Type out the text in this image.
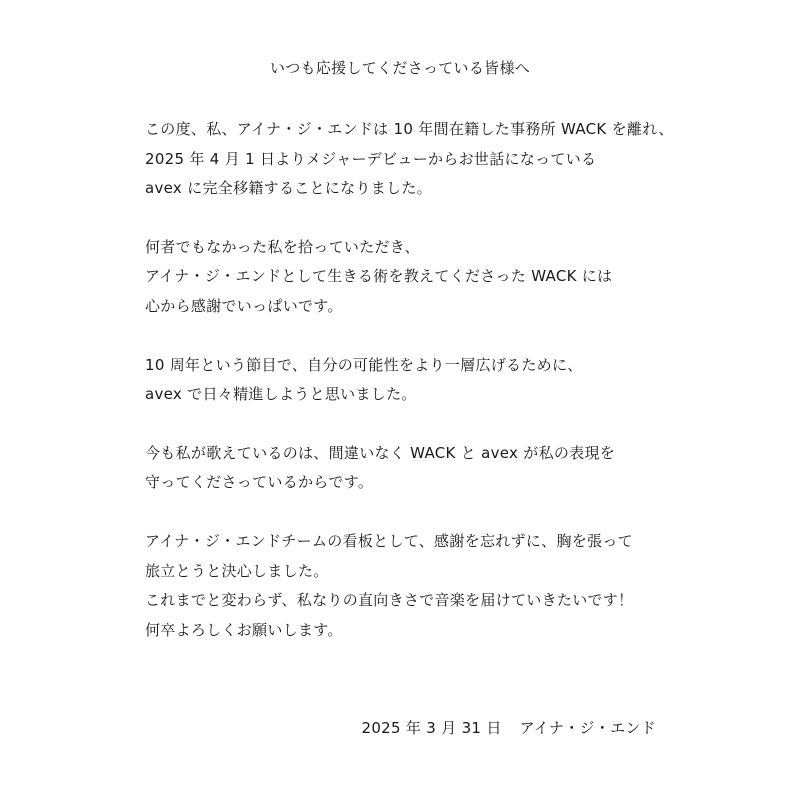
いつも応援してくださっている皆様へ
この度、私、アイナ・ジ・エンドは 10 年間在籍した事務所 WACK を離れ、
2025 年 4 月 1 日よりメジャーデビューからお世話になっている
avex に完全移籍することになりました。
何者でもなかった私を拾っていただき、
アイナ・ジ・エンドとして生きる術を教えてくださった WACK には
心から感謝でいっぱいです。
10 周年という節目で、自分の可能性をより一層広げるために、
avex で日々精進しようと思いました。
今も私が歌えているのは、間違いなく WACK と avex が私の表現を
守ってくださっているからです。
アイナ・ジ・エンドチームの看板として、感謝を忘れずに、胸を張って
旅立とうと決心しました。
これまでと変わらず、私なりの直向きさで音楽を届けていきたいです！
何卒よろしくお願いします。
2025 年 3 月 31 日 アイナ・ジ・エンド
